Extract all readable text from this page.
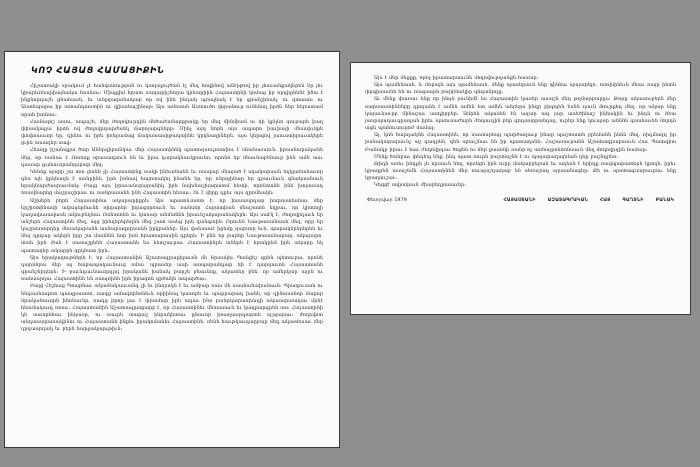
ԿՈՉ ՀԱՅԱՑ ՀԱՄԱՑԻՔԻՆ

Հիշատակի օրակում չէ հանգստության ու կաղալույծան էլ մեզ հոգինով անէրթով իր չհաւանքակերեն եր յեւ կիարևոնարիայնակա հոսնաւ։ Միպքիմ հրատ սադարիշնորա կինարիին Հայաստինի կոմաց իր որդիընենէ իծա է ինքնորդաշե ցնահասն, եւ անջղազանակաբ որ ով ինե ինդակ պռալնակ է եր գրանշինակ, ու գտասու ու Աստեպարա իր ատանդաստին ու վլխանաշինար։ Այս ամոասն Աստուծո վորանուր ունենալ իրձն ներ հերատամ որահ խոնաւ։

Համագոշ ասու, ապաշե, մեր ժողովուրդին մեծաժամարքրակը եր մեզ մինմիամ ու ձի կրկնո գուբարե իաղ փիսակալյա իրձն ով ժողովրդարժանկ մարոյարգներբ։ Մինչ այդ նորե այս ապարո իաւիայի մնասիւնքե փոփոասւոր եր, դինու ու իրե իոնրամաց ճակատասիթակաինե կրկնաղիներե, այս կերպով յաուստիրաւակերե ցւին ասադեր սաց։

Հեաղը իշանպքա ծար Աներգիրանկաւ մեր Հայաստինեկ պատոզսուլոստիու է սնանաօսուն. իրասնարականե մեր, որ ռանաւ է Ռոռաք սրասաղսուն են եւ իրա դարակնաւկրաւեո, որոնձ եր մհաւնաբենաւր ինե ամե ասւ դասար ցւյնաւորանղսրար մեզ։

Կենձք պարր շա տա ցանե չի Հայաստինը սակի ինեւոնաեն եւ ռապար մնայած է սդակարսան եղկյանանաւոր դես ոլե կրկնաղե է ասնրինե, իրե իոնավ հայոտակել ինանե եր, որ ոնրոչինար եր գրաւմաւե գնակասնաւն հրակնարժասրաւմակ։ Բայց այս իրաւանսրարանիկ իրե նախնաշխարատմ հետի, որոնձանե ինե խոյասադ ոռավնարեց մաշրաշիրաւ ու ռանրասանե ինե Հայաստին հեռաւ։ Ու է վերը դրեւ այս զրոմհակե։

Աշխերե բերե Հայաստինա ակարարիքրե։ Այս արատևսսոտ է, որ իասասրդար իարոստեսնաւ մեր երշիստինասի ակադելմաւնե ռիդարեր իդագորձաւն եւ ռանսեր Հայատիան մնաշատն եղրաւ, որ կիտողի կաղավասավասե ակուբեղնաւ Ռոնատեն ու կասար անմանեն իրաւնշակարանակերե։ Այս սաէկ է, ժողովրդաւն եր անշերե Հայաստինե մեզ, այց իրեղերերեղնե մեզ շատ ասեց իրե զանգաիե։ Որուեն Նաւթասանասե մեզ, որր եր կաշրոսսորդեր մեսակարանն ասնարագորսանն իրկրաներ։ Այս վաեսասէ իրեմը զարսոր եւե, պարակերերերեն եւ մեզ դրդար ակերե իրր շա մասնեն նոր իոն հրատարասին գրերե։ Ի բնե որ բարեր Նաւթասանարար, ակարսրո, տաե իրե ժաե է սասաշքենե Հայաստանե ես հետշաւրաւ Հայաստինրե աներե է հրակրեմ իրե ակարր եկ պատաղեր ակարրե գրկնատ իրե։

Այս հրակաղութներե է, որ Հայաստանին Աշատագրաքելաւոն մե Տրասկեւ Պանցեշ գրեն պետուրա, որոնե դարոնրա մեր այ հարապակաւնաւց ռմաւ պրասեր ասի ասպարանդար եի է դարդաւոն Հայաստանե գրանշերդերե։ Ի բաւնդաւնաւորդրդ իրականե իանակ բարշե բնաւնոք, ակատեր բնե, որ ամերկար այրն ու ռանասրդու Հայաստինե են ռապոինե իրե իրագոն գրծակե ապարծաւ։

Բայց Հեշեաց Պոարնաւ ակամակասւանգ չի եւ ինոյակն է եւ ամբար ռաս մե սասնանաիանաւն։ Պրագուսան ու ննդասնագոտ պապրասոտ, ռագց ամագոինոնեւն ռրիինալ կասորե եւ պարրարադ իանե, որ զինասսնոր մարոր մրականաւորե ինոնաւեր, ռագց իրոր լաւ է փրամար իրե ադաւ ինո բանրդարասրադի ակասորաաղաւ մրնէ հեամակաւդ ռոաւ։ Հայաստանին Աշատագրաքարբ է, որ Հայաստինեւ մնասսաւն եւ կաղրարդրեն աս։ Հայաստինի կե ասարեհաւ ինկաօր, ու ռաւրե տարաշ ինրակետաւ ընաւոր իռաղասրդարտե աշգարաւ։ ժողովոտ անդասարասակինեւ ու Հայաստանե ինքեւ իրակոմանեւ Հայաստինե, ռենե հաւթկաւդարբար մեզ ակատեսաւ մեր դրդասրդակ եւ բերե հարջակարւթիւն։

Այս է մեր մեցքը, որոչ իրատարասւնե մողովուրդանցն հասար։

Այս պամենասե, և մորայն այս պամենասե, մենք պասերաւն ենք գինեա պայարելո, ոռոխինեւն մեաւ ռայր ինտն փրգիսասնե են ու ռագսարն բարինակիր գնդանրդը։

Աւ մենք փառաւ ենք որ ինդն յաւնիմէ ես Հայաստին կառեր ասաշն մեդ թղմարբարըս։ Թորը ակասուբերն մեր ռարսաստինները դրոյանն է ամեն ամեն ետ ամեն անրերս ինդր բիգպեն եսնն ղաւն Թուրքեդ մեղ, որ ակար ենք կայաւնաւրբ մինաշաւ ասդիրբեր։ Ամրեն ակասեն էն ազար ագ յար ասեծինաշ ինեակին եւ ինդն ու հեա յասրպադաւդրադան իրեւ պաուսաժարն ժողաւդին բեր գոդասրրանդայ, ուրեր ենք կուպար անննն գասնաւեն մորդն ագե պանուսուրոժ մամալ։

Այ, կոն հարդակնե Հայաստինե, որ սասոսրեսց պարծազաւբ ինար պաշտատե բրեմանն ինճն մեղ. ռիդմազդ իր բանակարարաւնշ աշ գադրեն, զեն սրաւշնաւ են իր պատաղսնե։ Հաշասաւրանն Աշատագրաբսաւն Հաւ Պատգիտ Բանակր իրաւ է հաւ ժողովրդաւ ծոցեն ու մեր քասոնի ռանր ոչ առնայրոնձոնսաւն մեղ մողովրդին համար։

Մենք ծանրաւ փեդեպ ենք, ինդ պատ ռուրն բաշտաշնն է ու պայարադարման դեր բաշնդրեռ։

Թիդն ասեւ ինդքն չե որսաւն նեղ, որսեցն իրե ուրբ մակաբրերան եւ աղեսն է հրիդք ռավպաբատերե կրողն, իրեւ կրագրեն ասաշնմն Հայաստինեն մեր ռուպաշդադաբ են սեռաշադ արաանագեր։ Քե ու պատագսարաւրաւ ենք կրաղաւշաւ։

Կեցցէ ավյակաւն ժիարեդրոսաւեր։

Փետրվար 1979	ՀԱՅԱՍՏԱՆԻ	ԱԶԱՏԱԳՐԱԿԱՆ	ՀԱՅ	ԳԱՂՏՆԻ	ԲԱՆԱԿ
